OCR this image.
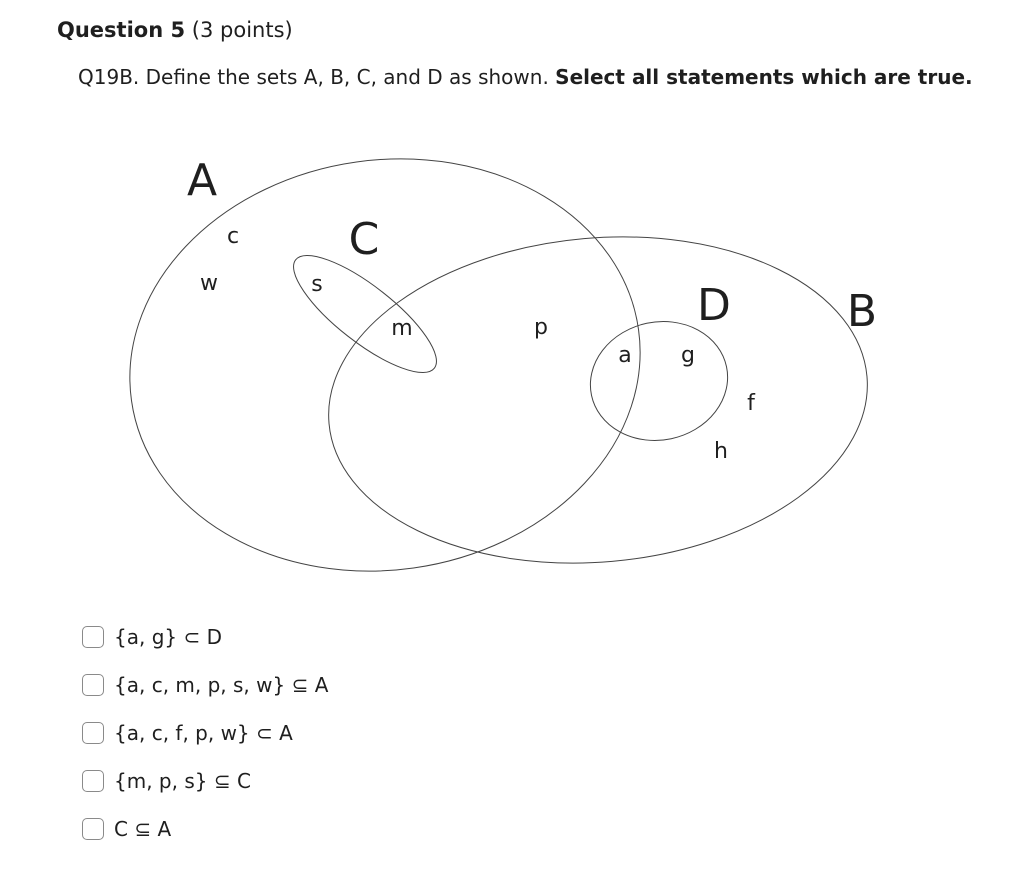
Question 5 (3 points)
Q19B. Define the sets A, B, C, and D as shown. Select all statements which are true.
A
C
D	B
c
w	s
m	p
a g
f
h
{a, g} ⊂ D
{a, c, m, p, s, w} ⊆ A
{a, c, f, p, w} ⊂ A
{m, p, s} ⊆ C
C ⊆ A
